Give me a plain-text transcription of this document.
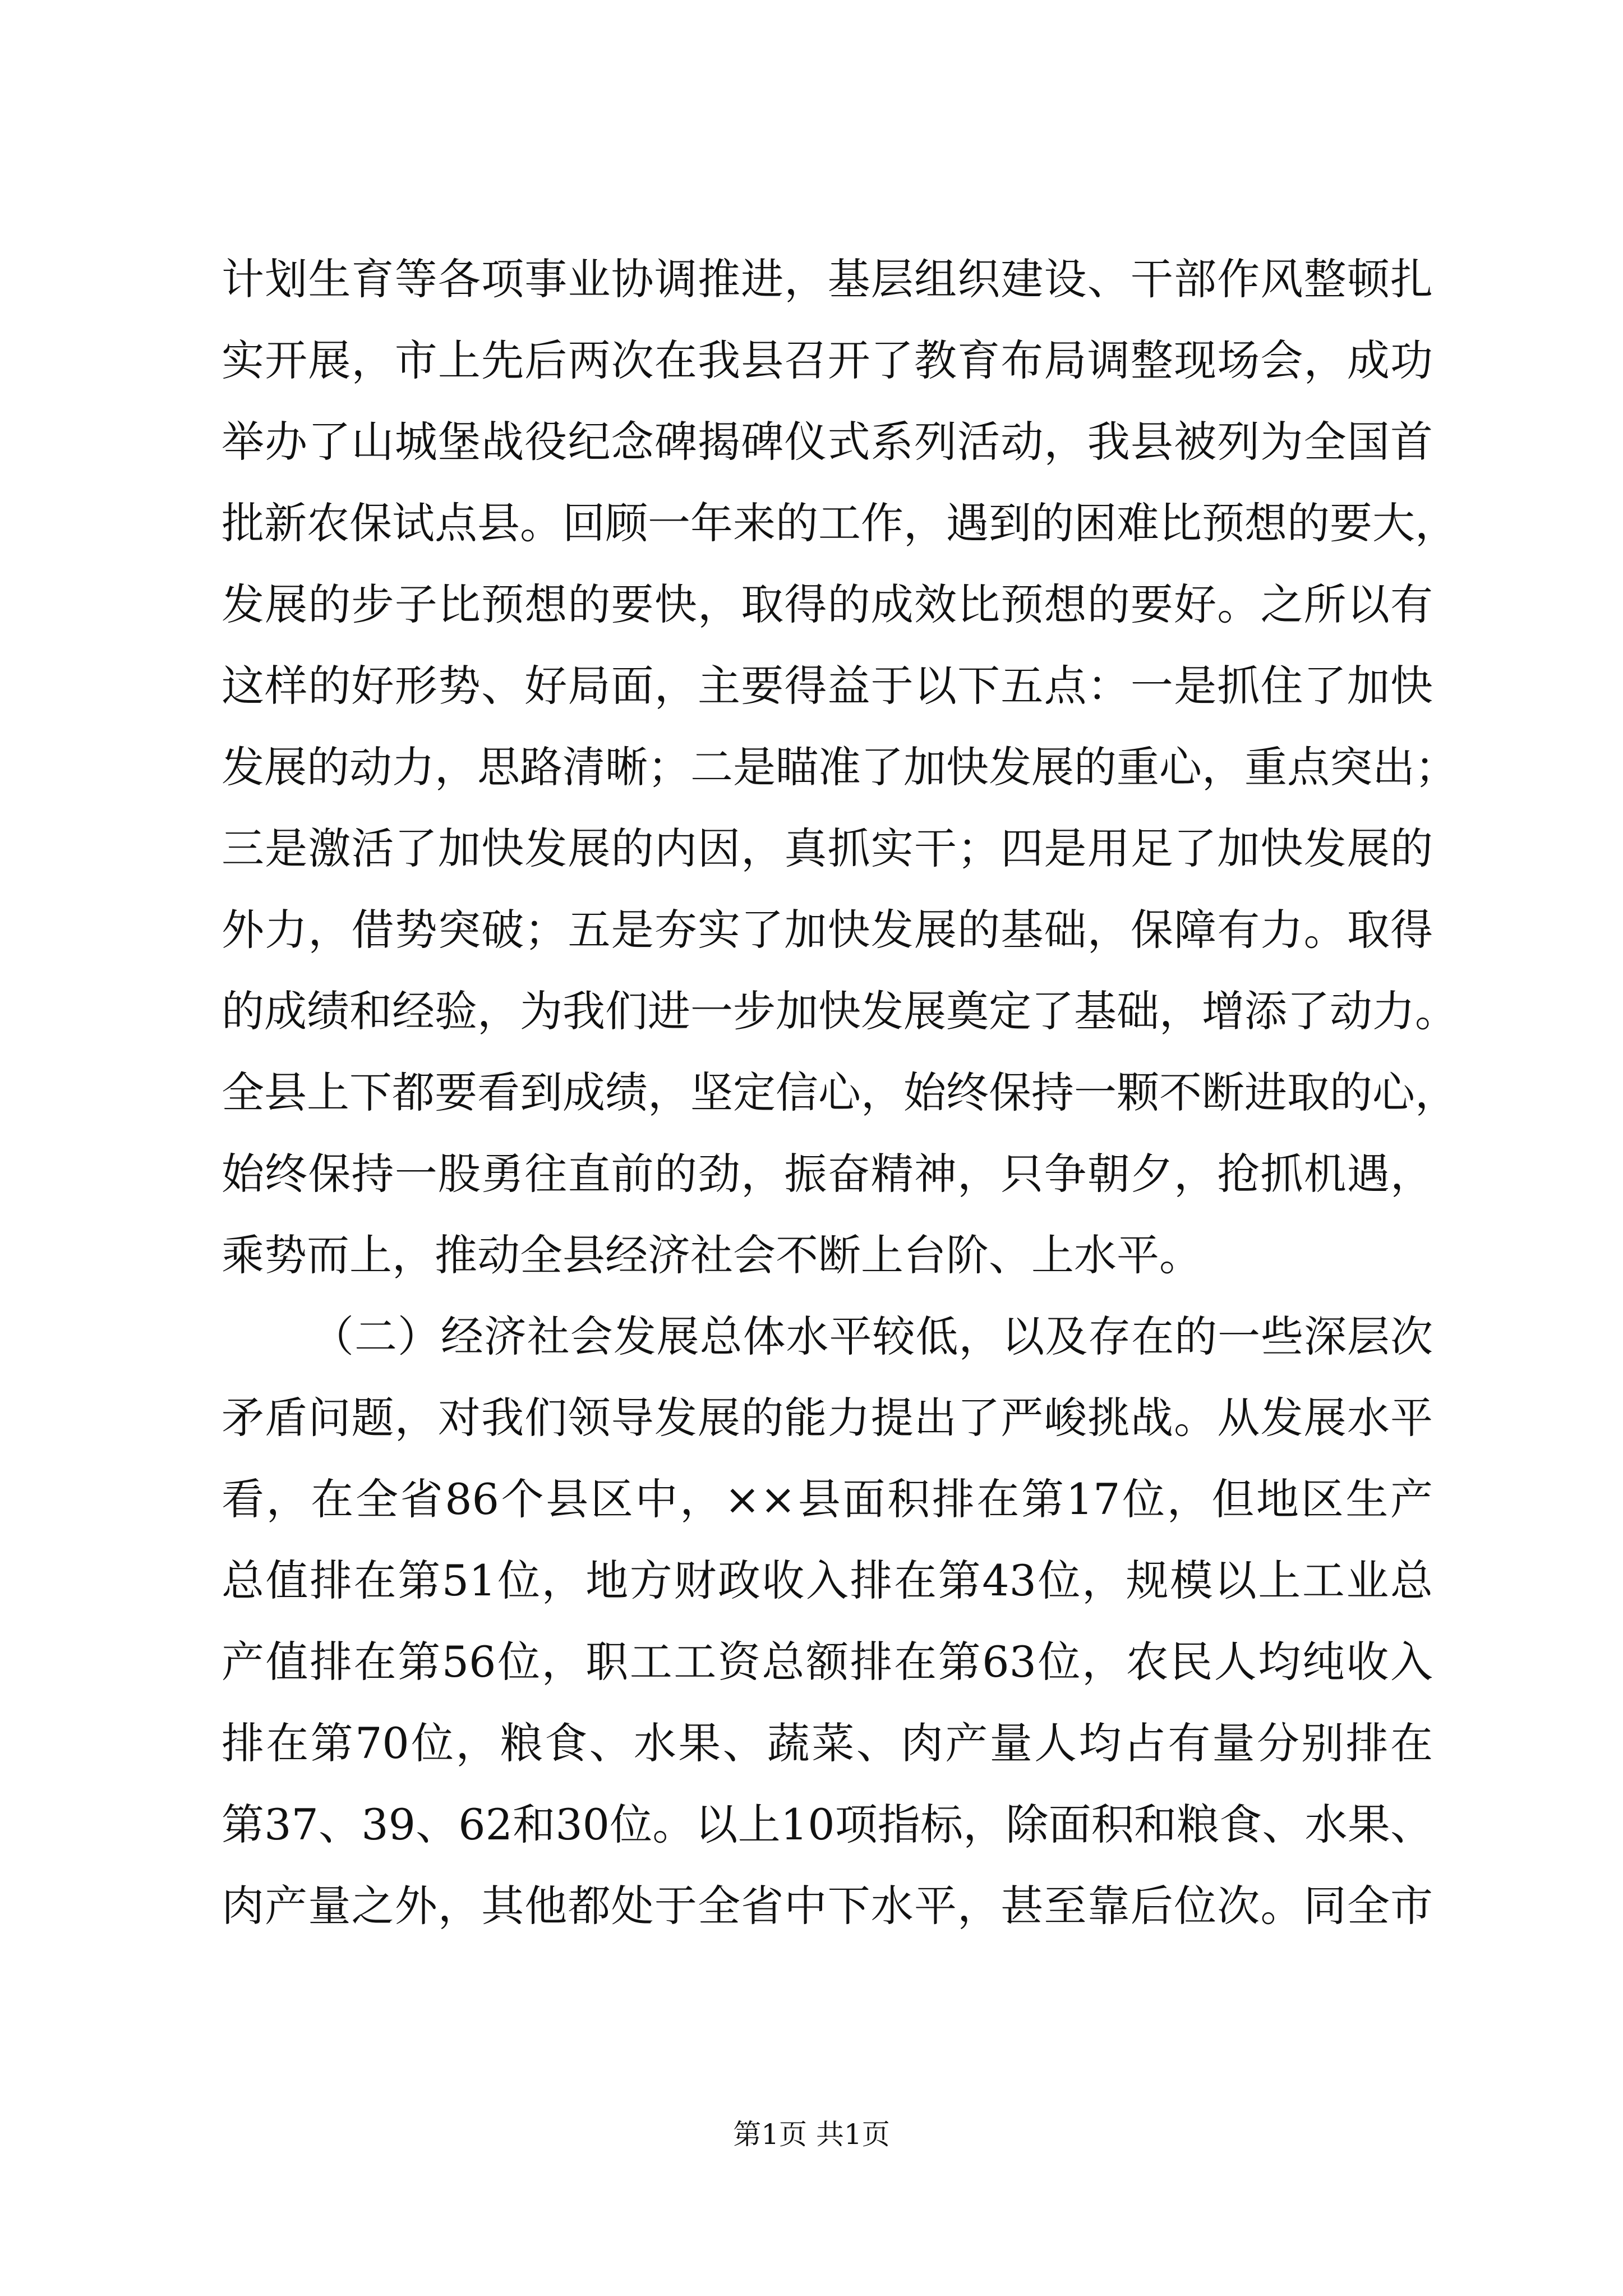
计划生育等各项事业协调推进，基层组织建设、干部作风整顿扎
实开展，市上先后两次在我县召开了教育布局调整现场会，成功
举办了山城堡战役纪念碑揭碑仪式系列活动，我县被列为全国首
批新农保试点县。回顾一年来的工作，遇到的困难比预想的要大，
发展的步子比预想的要快，取得的成效比预想的要好。之所以有
这样的好形势、好局面，主要得益于以下五点：一是抓住了加快
发展的动力，思路清晰；二是瞄准了加快发展的重心，重点突出；
三是激活了加快发展的内因，真抓实干；四是用足了加快发展的
外力，借势突破；五是夯实了加快发展的基础，保障有力。取得
的成绩和经验，为我们进一步加快发展奠定了基础，增添了动力。
全县上下都要看到成绩，坚定信心，始终保持一颗不断进取的心，
始终保持一股勇往直前的劲，振奋精神，只争朝夕，抢抓机遇，
乘势而上，推动全县经济社会不断上台阶、上水平。
（二）经济社会发展总体水平较低，以及存在的一些深层次
矛盾问题，对我们领导发展的能力提出了严峻挑战。从发展水平
看，在全省86个县区中，××县面积排在第17位，但地区生产
总值排在第51位，地方财政收入排在第43位，规模以上工业总
产值排在第56位，职工工资总额排在第63位，农民人均纯收入
排在第70位，粮食、水果、蔬菜、肉产量人均占有量分别排在
第37、39、62和30位。以上10项指标，除面积和粮食、水果、
肉产量之外，其他都处于全省中下水平，甚至靠后位次。同全市
第1页 共1页
